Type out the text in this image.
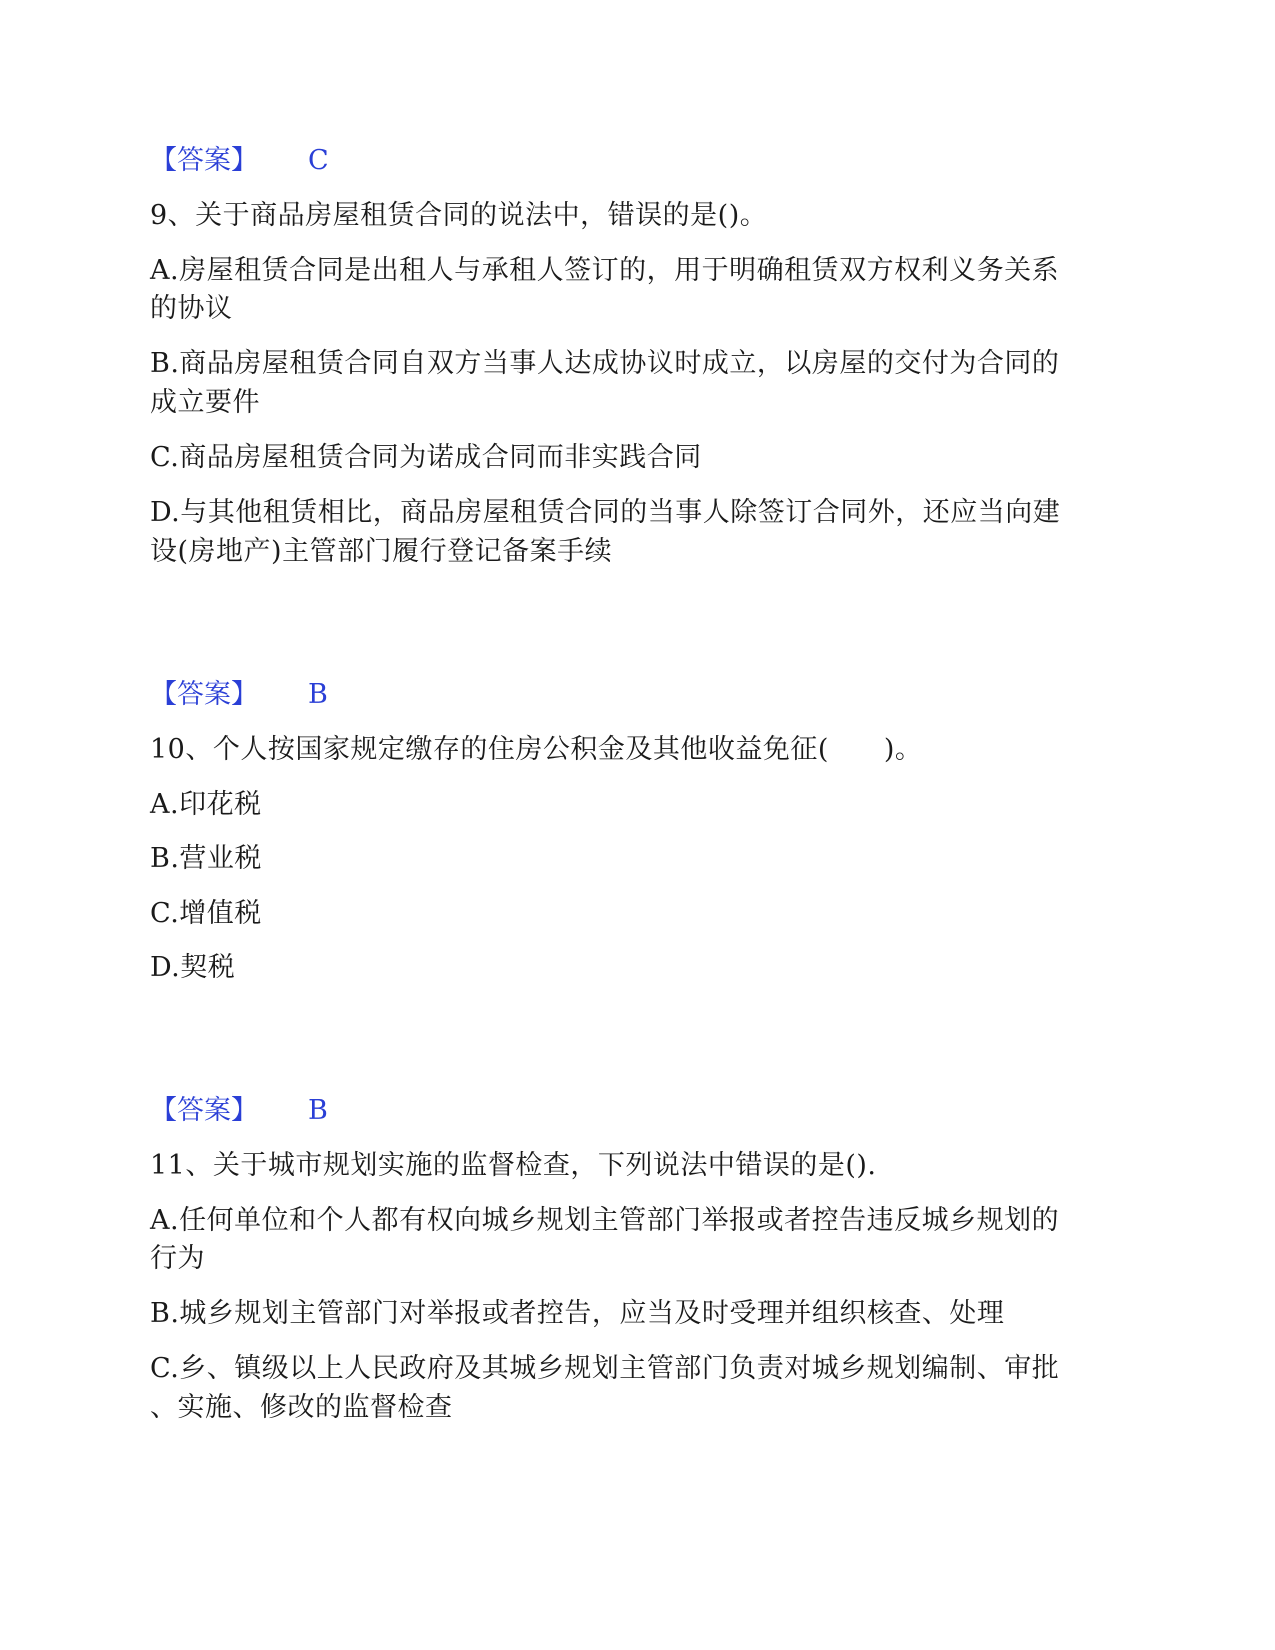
【答案】 C
9、关于商品房屋租赁合同的说法中，错误的是()。
A.房屋租赁合同是出租人与承租人签订的，用于明确租赁双方权利义务关系
的协议
B.商品房屋租赁合同自双方当事人达成协议时成立，以房屋的交付为合同的
成立要件
C.商品房屋租赁合同为诺成合同而非实践合同
D.与其他租赁相比，商品房屋租赁合同的当事人除签订合同外，还应当向建
设(房地产)主管部门履行登记备案手续
【答案】 B
10、个人按国家规定缴存的住房公积金及其他收益免征(　　)。
A.印花税
B.营业税
C.增值税
D.契税
【答案】 B
11、关于城市规划实施的监督检查，下列说法中错误的是().
A.任何单位和个人都有权向城乡规划主管部门举报或者控告违反城乡规划的
行为
B.城乡规划主管部门对举报或者控告，应当及时受理并组织核查、处理
C.乡、镇级以上人民政府及其城乡规划主管部门负责对城乡规划编制、审批
、实施、修改的监督检查
